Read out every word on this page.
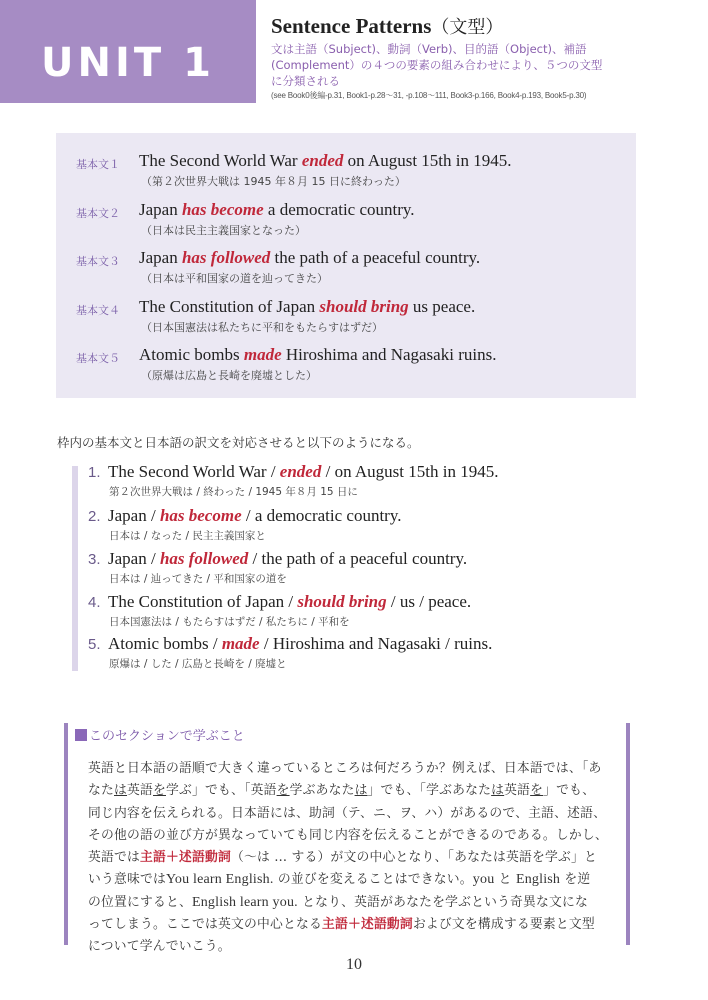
UNIT 1
Sentence Patterns（文型）
文は主語（Subject)、動詞（Verb)、目的語（Object)、補語
(Complement）の４つの要素の組み合わせにより、５つの文型
に分類される
(see Book0後編-p.31, Book1-p.28～31, -p.108～111, Book3-p.166, Book4-p.193, Book5-p.30)
基本文１	The Second World War ended on August 15th in 1945.
（第２次世界大戦は 1945 年８月 15 日に終わった）
基本文２	Japan has become a democratic country.
（日本は民主主義国家となった）
基本文３	Japan has followed the path of a peaceful country.
（日本は平和国家の道を辿ってきた）
基本文４	The Constitution of Japan should bring us peace.
（日本国憲法は私たちに平和をもたらすはずだ）
基本文５	Atomic bombs made Hiroshima and Nagasaki ruins.
（原爆は広島と長崎を廃墟とした）
枠内の基本文と日本語の訳文を対応させると以下のようになる。
1. The Second World War / ended / on August 15th in 1945.
第２次世界大戦は / 終わった / 1945 年８月 15 日に
2. Japan / has become / a democratic country.
日本は / なった / 民主主義国家と
3. Japan / has followed / the path of a peaceful country.
日本は / 辿ってきた / 平和国家の道を
4. The Constitution of Japan / should bring / us / peace.
日本国憲法は / もたらすはずだ / 私たちに / 平和を
5. Atomic bombs / made / Hiroshima and Nagasaki / ruins.
原爆は / した / 広島と長崎を / 廃墟と
このセクションで学ぶこと

英語と日本語の語順で大きく違っているところは何だろうか？例えば、日本語では、「あ

なたは英語を学ぶ」でも、「英語を学ぶあなたは」でも、「学ぶあなたは英語を」でも、

同じ内容を伝えられる。日本語には、助詞（テ、ニ、ヲ、ハ）があるので、主語、述語、

その他の語の並び方が異なっていても同じ内容を伝えることができるのである。しかし、

英語では主語＋述語動詞（～は … する）が文の中心となり、「あなたは英語を学ぶ」と

いう意味ではYou learn English. の並びを変えることはできない。you と English を逆

の位置にすると、English learn you. となり、英語があなたを学ぶという奇異な文にな

ってしまう。ここでは英文の中心となる主語＋述語動詞および文を構成する要素と文型

について学んでいこう。

10
